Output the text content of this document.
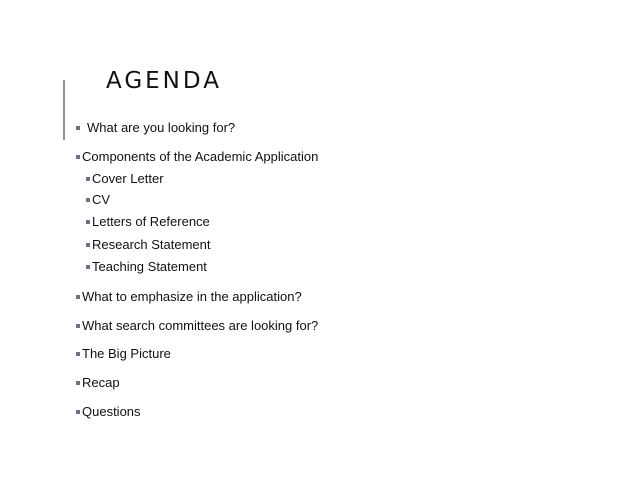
AGENDA
What are you looking for?
Components of the Academic Application
Cover Letter
CV
Letters of Reference
Research Statement
Teaching Statement
What to emphasize in the application?
What search committees are looking for?
The Big Picture
Recap
Questions
